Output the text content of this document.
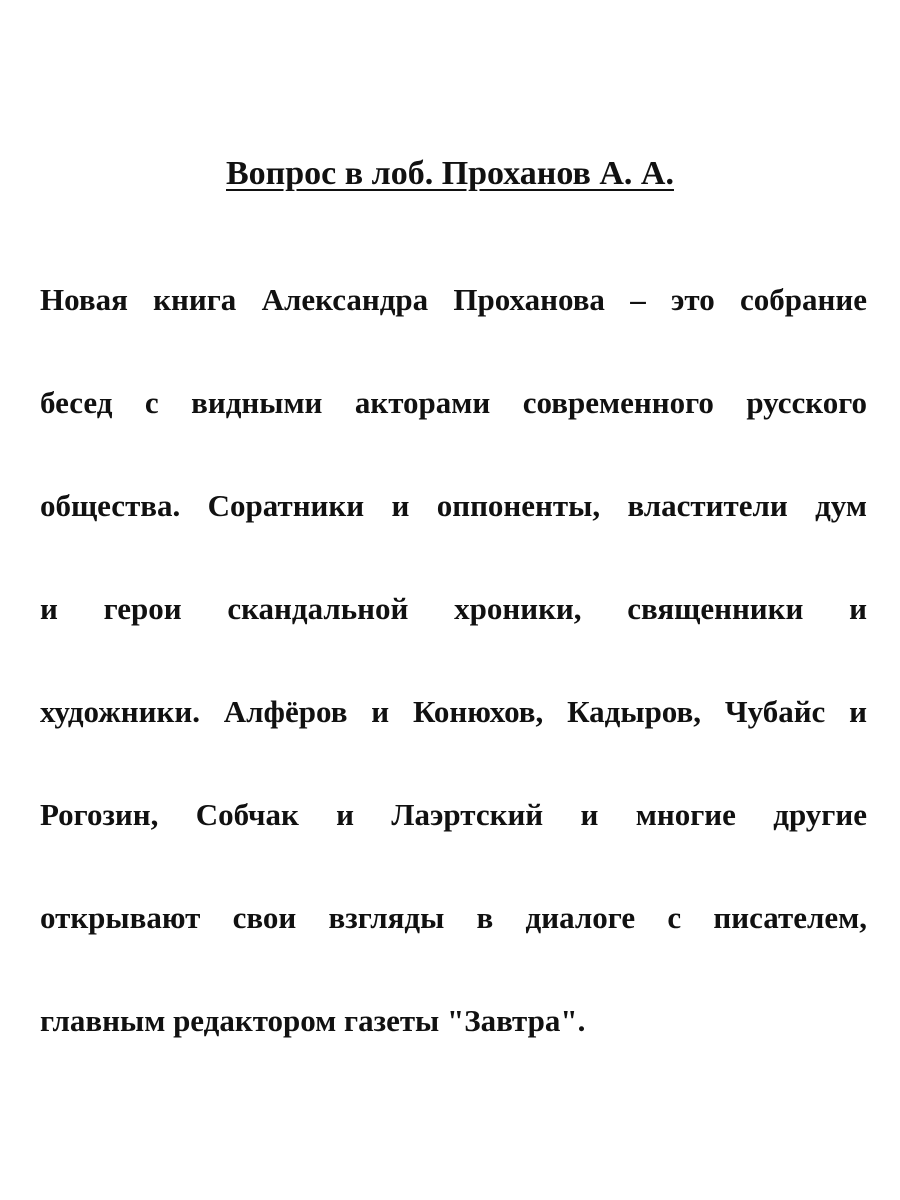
Вопрос в лоб. Проханов А. А.
Новая книга Александра Проханова – это собрание
бесед с видными акторами современного русского
общества. Соратники и оппоненты, властители дум
и герои скандальной хроники, священники и
художники. Алфёров и Конюхов, Кадыров, Чубайс и
Рогозин, Собчак и Лаэртский и многие другие
открывают свои взгляды в диалоге с писателем,
главным редактором газеты "Завтра".
